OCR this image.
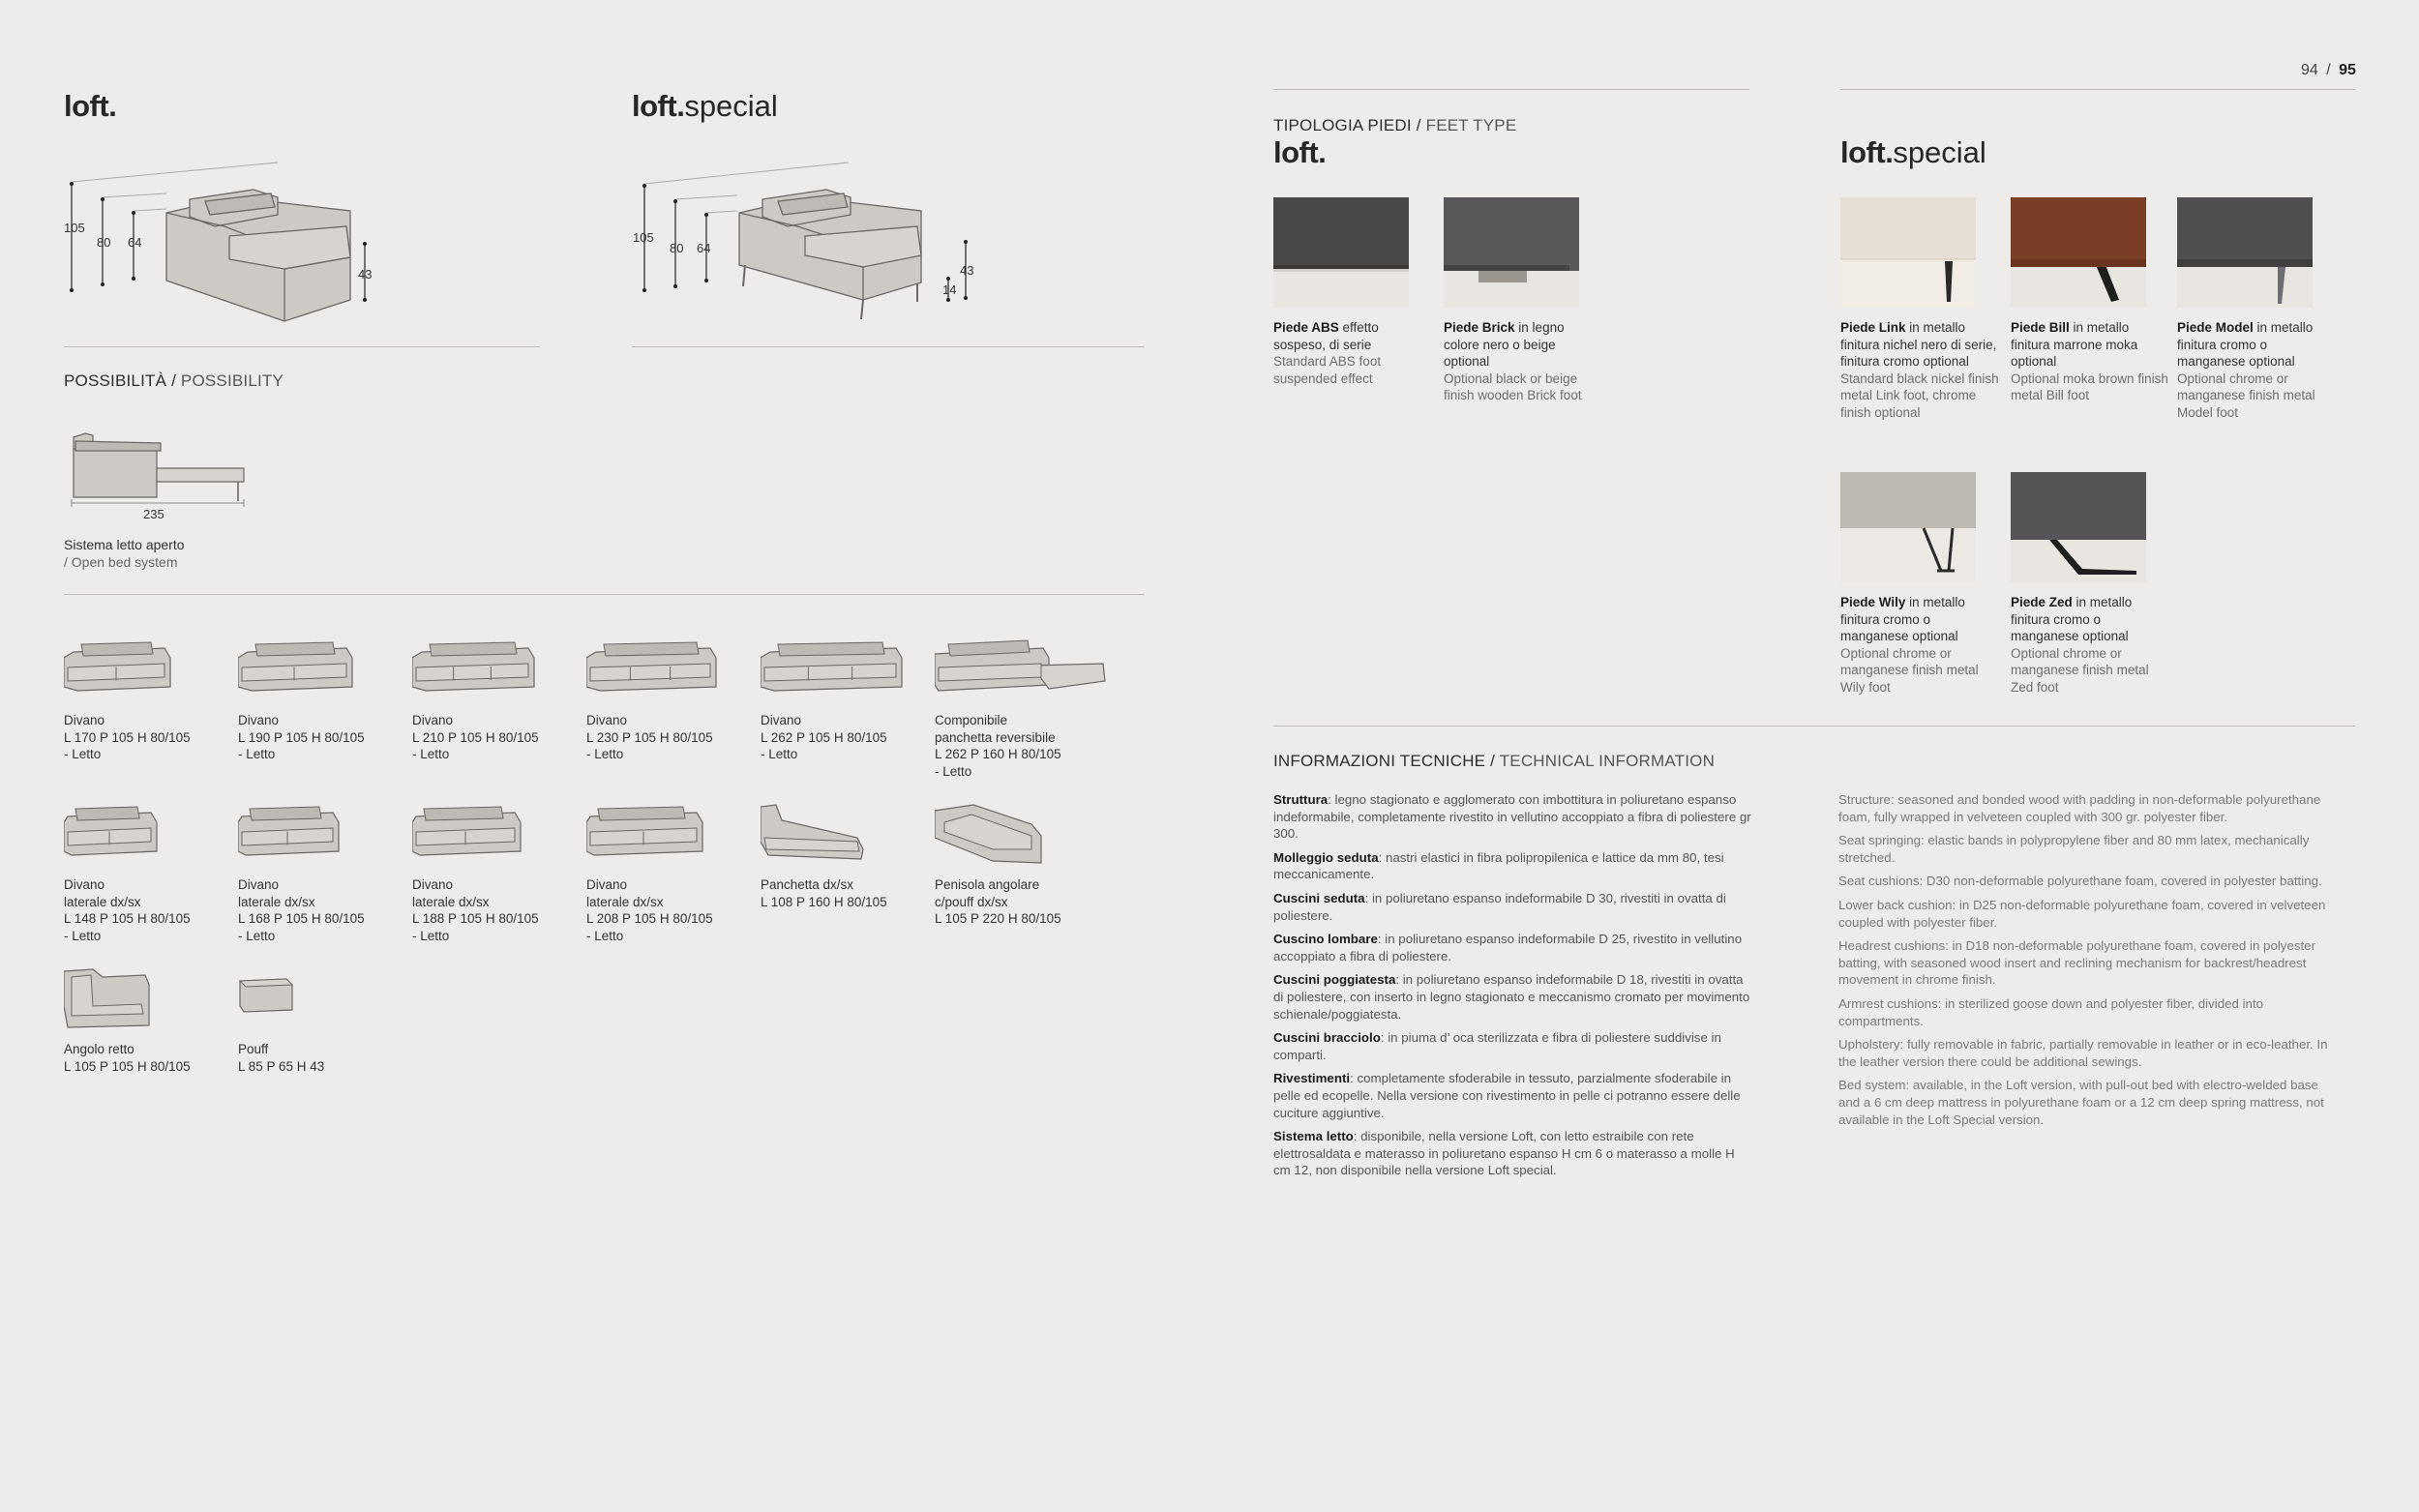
94 / 95
loft.	loft.special
105
80 64
43
105
80 64
43
14
POSSIBILITÀ / POSSIBILITY
235
Sistema letto aperto
/ Open bed system
Divano
L 170 P 105 H 80/105
- Letto
Divano
L 190 P 105 H 80/105
- Letto
Divano
L 210 P 105 H 80/105
- Letto
Divano
L 230 P 105 H 80/105
- Letto
Divano
L 262 P 105 H 80/105
- Letto
Componibile
panchetta reversibile
L 262 P 160 H 80/105
- Letto
Divano
laterale dx/sx
L 148 P 105 H 80/105
- Letto
Divano
laterale dx/sx
L 168 P 105 H 80/105
- Letto
Divano
laterale dx/sx
L 188 P 105 H 80/105
- Letto
Divano
laterale dx/sx
L 208 P 105 H 80/105
- Letto
Panchetta dx/sx
L 108 P 160 H 80/105
Penisola angolare
c/pouff dx/sx
L 105 P 220 H 80/105
Angolo retto
L 105 P 105 H 80/105
Pouff
L 85 P 65 H 43
TIPOLOGIA PIEDI / FEET TYPE
loft.	loft.special
Piede ABS effetto sospeso, di serie
Standard ABS foot suspended effect
Piede Brick in legno colore nero o beige optional
Optional black or beige finish wooden Brick foot
Piede Link in metallo finitura nichel nero di serie, finitura cromo optional
Standard black nickel finish metal Link foot, chrome finish optional
Piede Bill in metallo finitura marrone moka optional
Optional moka brown finish metal Bill foot
Piede Model in metallo finitura cromo o manganese optional
Optional chrome or manganese finish metal Model foot
Piede Wily in metallo finitura cromo o manganese optional
Optional chrome or manganese finish metal Wily foot
Piede Zed in metallo finitura cromo o manganese optional
Optional chrome or manganese finish metal Zed foot
INFORMAZIONI TECNICHE / TECHNICAL INFORMATION

Struttura: legno stagionato e agglomerato con imbottitura in poliuretano espanso indeformabile, completamente rivestito in vellutino accoppiato a fibra di poliestere gr 300.

Molleggio seduta: nastri elastici in fibra polipropilenica e lattice da mm 80, tesi meccanicamente.

Cuscini seduta: in poliuretano espanso indeformabile D 30, rivestiti in ovatta di poliestere.

Cuscino lombare: in poliuretano espanso indeformabile D 25, rivestito in vellutino accoppiato a fibra di poliestere.

Cuscini poggiatesta: in poliuretano espanso indeformabile D 18, rivestiti in ovatta di poliestere, con inserto in legno stagionato e meccanismo cromato per movimento schienale/poggiatesta.

Cuscini bracciolo: in piuma d’ oca sterilizzata e fibra di poliestere suddivise in comparti.

Rivestimenti: completamente sfoderabile in tessuto, parzialmente sfoderabile in pelle ed ecopelle. Nella versione con rivestimento in pelle ci potranno essere delle cuciture aggiuntive.

Sistema letto: disponibile, nella versione Loft, con letto estraibile con rete elettrosaldata e materasso in poliuretano espanso H cm 6 o materasso a molle H cm 12, non disponibile nella versione Loft special.

Structure: seasoned and bonded wood with padding in non-deformable polyurethane foam, fully wrapped in velveteen coupled with 300 gr. polyester fiber.

Seat springing: elastic bands in polypropylene fiber and 80 mm latex, mechanically stretched.

Seat cushions: D30 non-deformable polyurethane foam, covered in polyester batting.

Lower back cushion: in D25 non-deformable polyurethane foam, covered in velveteen coupled with polyester fiber.

Headrest cushions: in D18 non-deformable polyurethane foam, covered in polyester batting, with seasoned wood insert and reclining mechanism for backrest/headrest movement in chrome finish.

Armrest cushions: in sterilized goose down and polyester fiber, divided into compartments.

Upholstery: fully removable in fabric, partially removable in leather or in eco-leather. In the leather version there could be additional sewings.

Bed system: available, in the Loft version, with pull-out bed with electro-welded base and a 6 cm deep mattress in polyurethane foam or a 12 cm deep spring mattress, not available in the Loft Special version.
